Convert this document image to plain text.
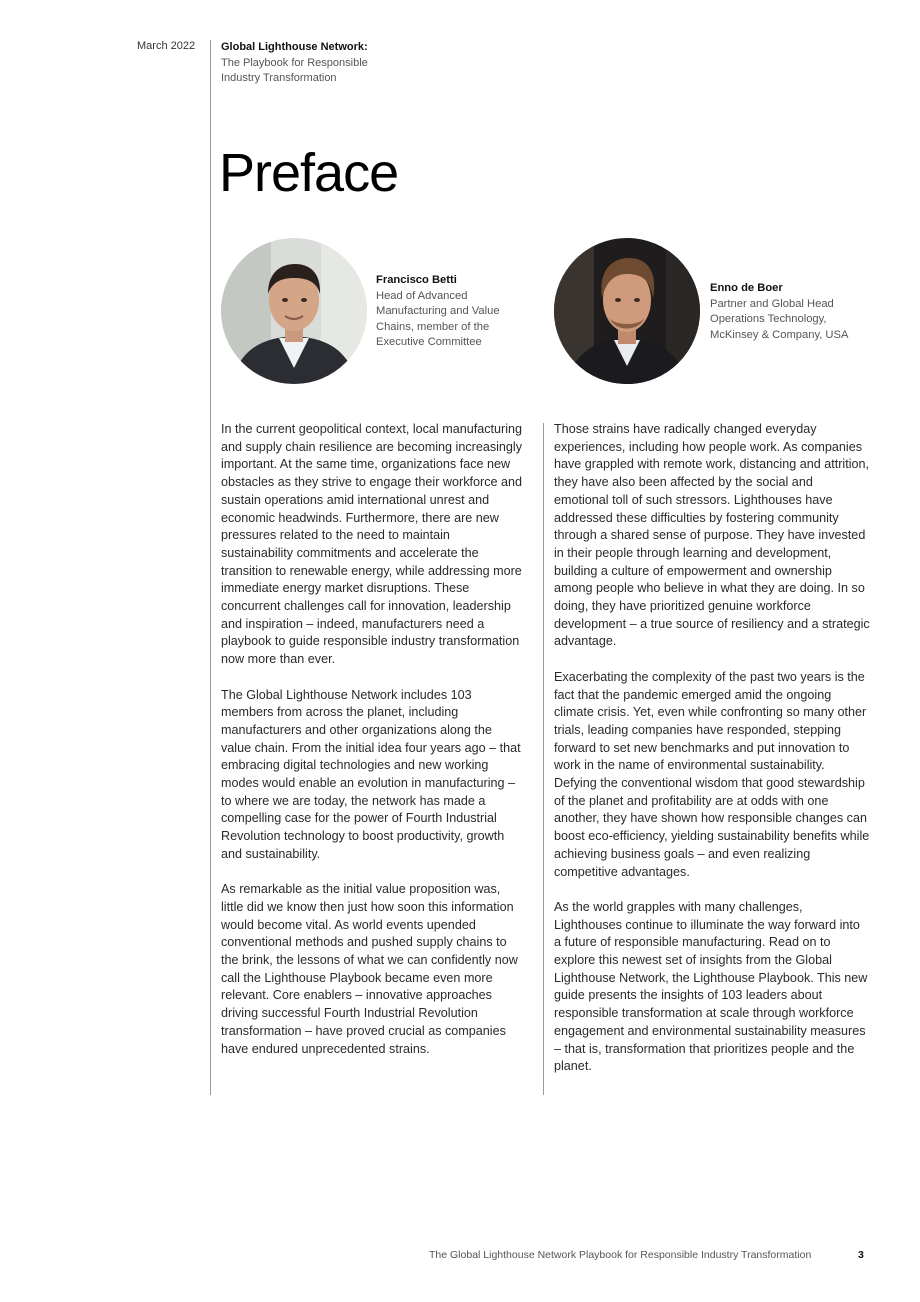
March 2022 Global Lighthouse Network:
The Playbook for Responsible
Industry Transformation
Preface
Francisco Betti
Head of Advanced
Manufacturing and Value
Chains, member of the
Executive Committee
Enno de Boer
Partner and Global Head
Operations Technology,
McKinsey & Company, USA

In the current geopolitical context, local manufacturing and supply chain resilience are becoming increasingly important. At the same time, organizations face new obstacles as they strive to engage their workforce and sustain operations amid international unrest and economic headwinds. Furthermore, there are new pressures related to the need to maintain sustainability commitments and accelerate the transition to renewable energy, while addressing more immediate energy market disruptions. These concurrent challenges call for innovation, leadership and inspiration – indeed, manufacturers need a playbook to guide responsible industry transformation now more than ever.

The Global Lighthouse Network includes 103 members from across the planet, including manufacturers and other organizations along the value chain. From the initial idea four years ago – that embracing digital technologies and new working modes would enable an evolution in manufacturing – to where we are today, the network has made a compelling case for the power of Fourth Industrial Revolution technology to boost productivity, growth and sustainability.

As remarkable as the initial value proposition was, little did we know then just how soon this information would become vital. As world events upended conventional methods and pushed supply chains to the brink, the lessons of what we can confidently now call the Lighthouse Playbook became even more relevant. Core enablers – innovative approaches driving successful Fourth Industrial Revolution transformation – have proved crucial as companies have endured unprecedented strains.

Those strains have radically changed everyday experiences, including how people work. As companies have grappled with remote work, distancing and attrition, they have also been affected by the social and emotional toll of such stressors. Lighthouses have addressed these difficulties by fostering community through a shared sense of purpose. They have invested in their people through learning and development, building a culture of empowerment and ownership among people who believe in what they are doing. In so doing, they have prioritized genuine workforce development – a true source of resiliency and a strategic advantage.

Exacerbating the complexity of the past two years is the fact that the pandemic emerged amid the ongoing climate crisis. Yet, even while confronting so many other trials, leading companies have responded, stepping forward to set new benchmarks and put innovation to work in the name of environmental sustainability. Defying the conventional wisdom that good stewardship of the planet and profitability are at odds with one another, they have shown how responsible changes can boost eco-efficiency, yielding sustainability benefits while achieving business goals – and even realizing competitive advantages.

As the world grapples with many challenges, Lighthouses continue to illuminate the way forward into a future of responsible manufacturing. Read on to explore this newest set of insights from the Global Lighthouse Network, the Lighthouse Playbook. This new guide presents the insights of 103 leaders about responsible transformation at scale through workforce engagement and environmental sustainability measures – that is, transformation that prioritizes people and the planet.

The Global Lighthouse Network Playbook for Responsible Industry Transformation	3
